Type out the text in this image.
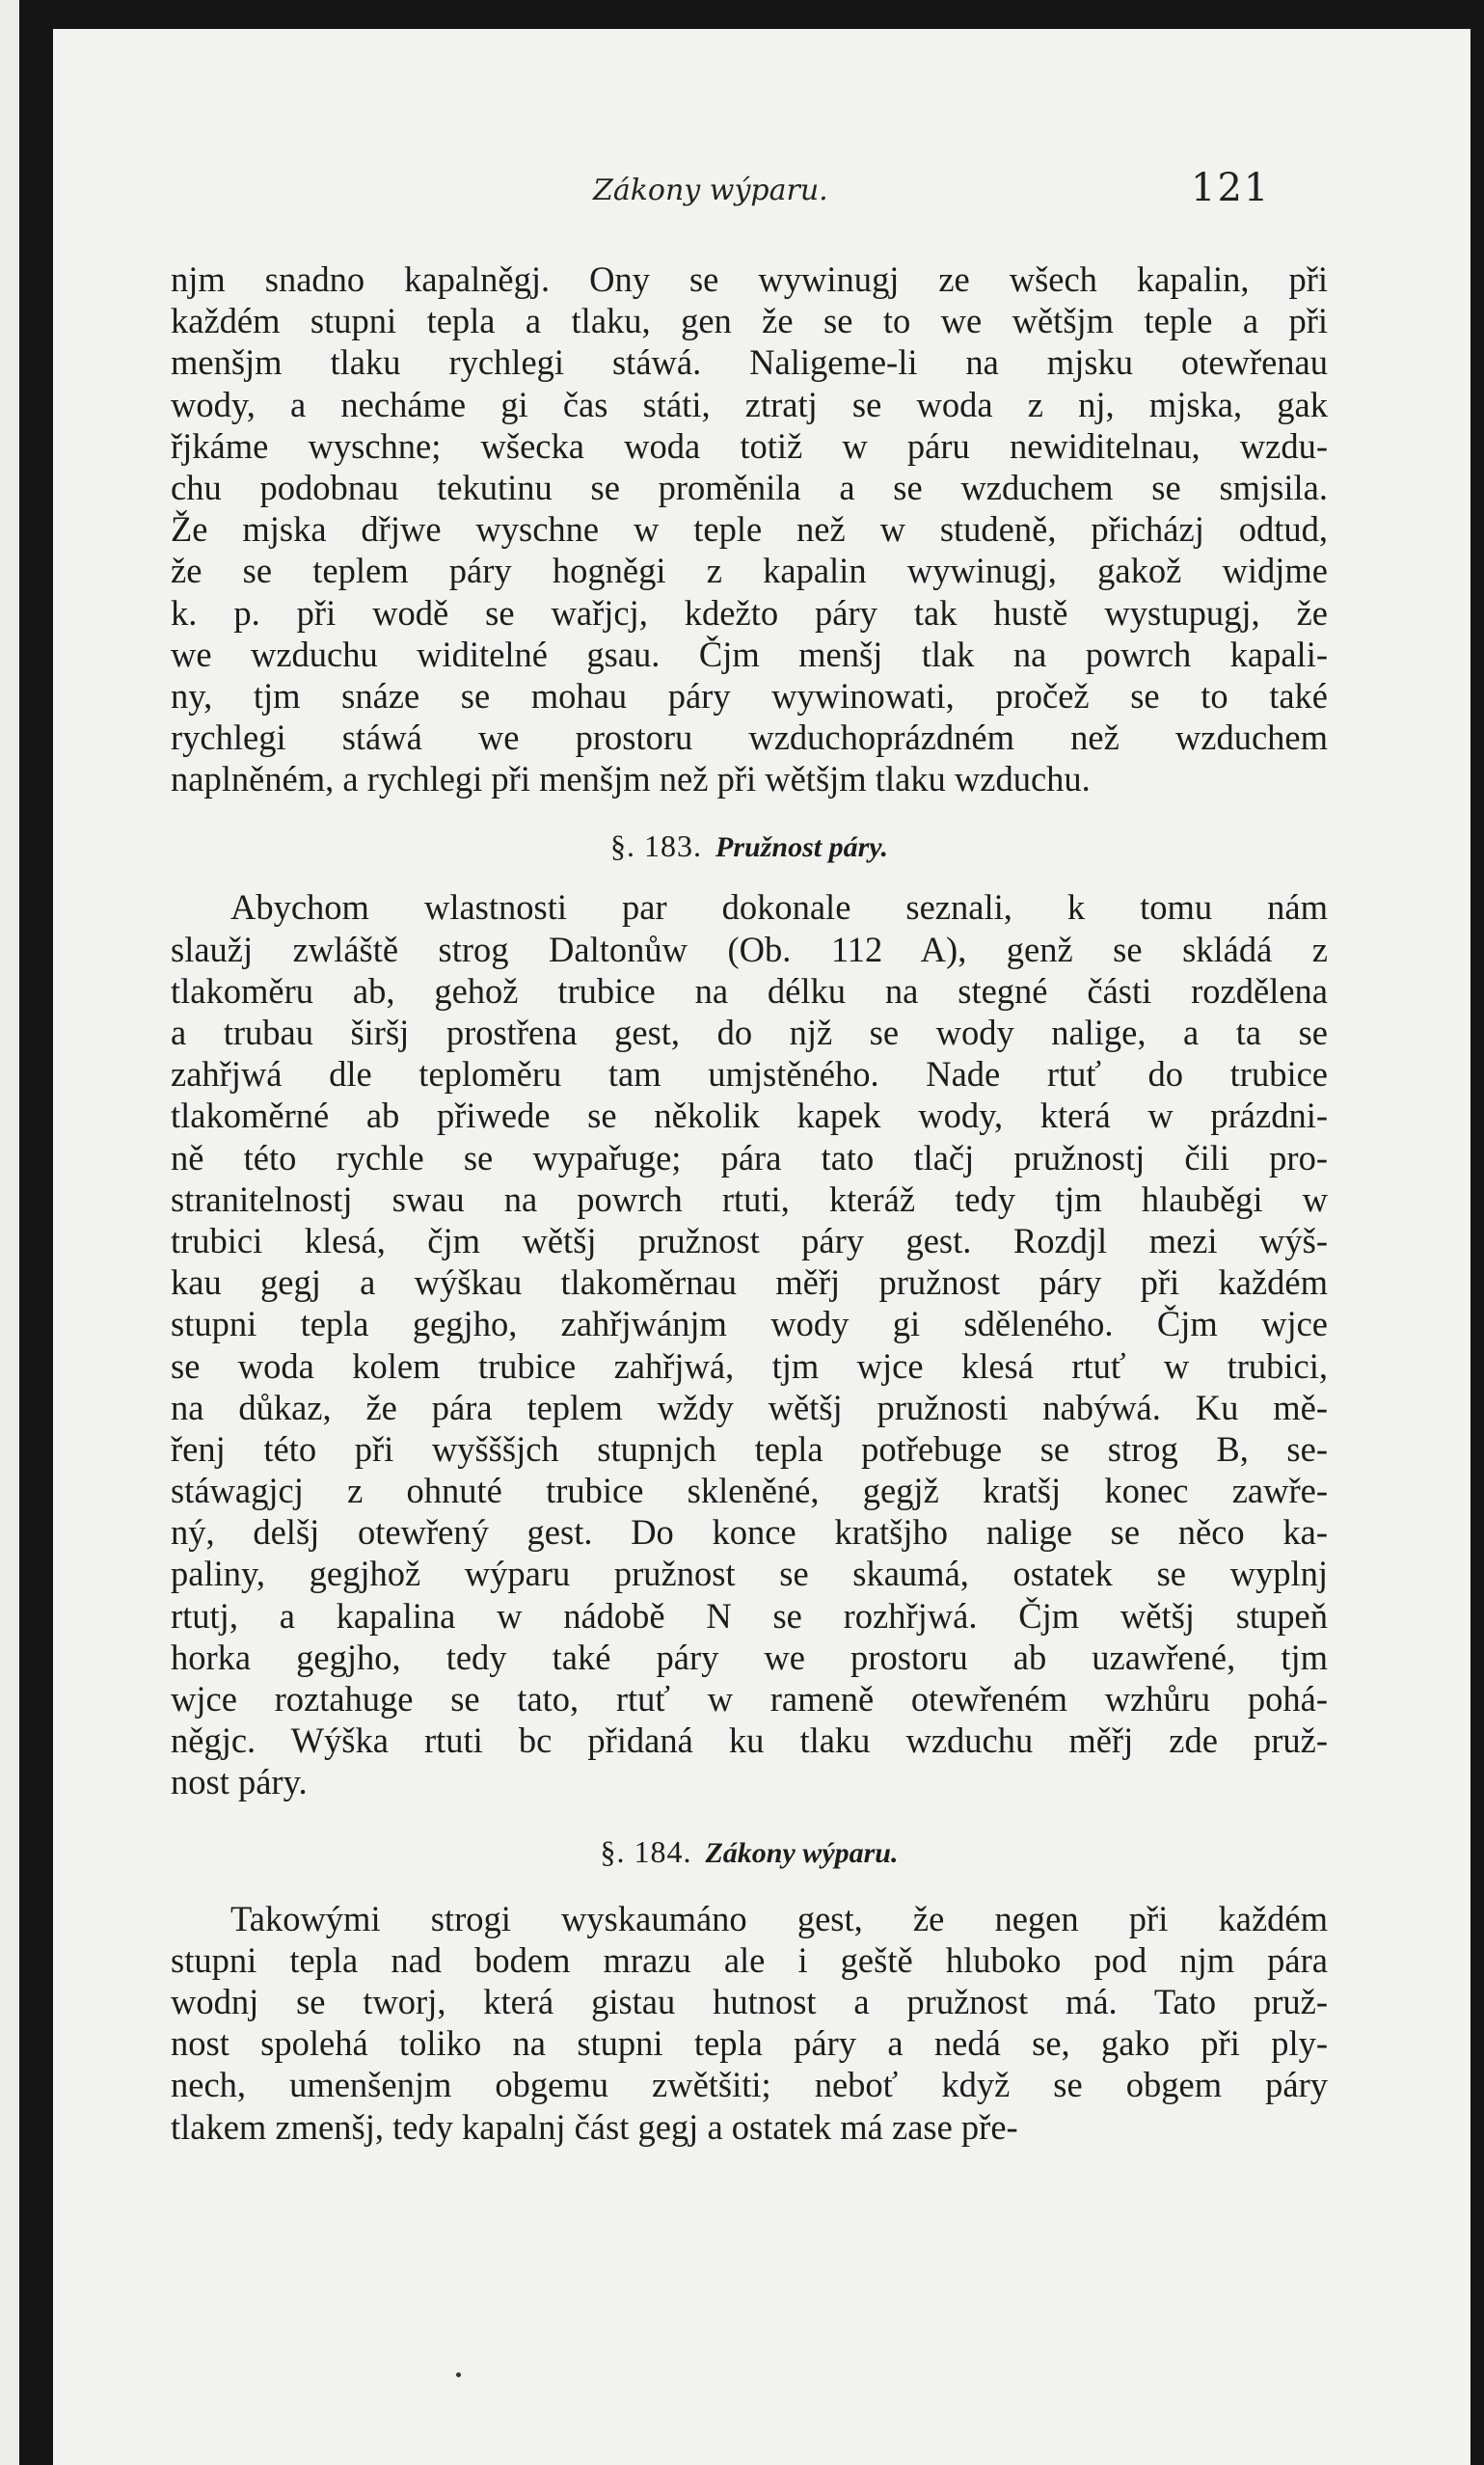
Zákony wýparu.	121
njm snadno kapalněgj. Ony se wywinugj ze wšech kapalin, při
každém stupni tepla a tlaku, gen že se to we wětšjm teple a při
menšjm tlaku rychlegi stáwá. Naligeme-li na mjsku otewřenau
wody, a necháme gi čas státi, ztratj se woda z nj, mjska, gak
řjkáme wyschne; wšecka woda totiž w páru newiditelnau, wzdu-
chu podobnau tekutinu se proměnila a se wzduchem se smjsila.
Že mjska dřjwe wyschne w teple než w studeně, přicházj odtud,
že se teplem páry hogněgi z kapalin wywinugj, gakož widjme
k. p. při wodě se wařjcj, kdežto páry tak hustě wystupugj, že
we wzduchu widitelné gsau. Čjm menšj tlak na powrch kapali-
ny, tjm snáze se mohau páry wywinowati, pročež se to také
rychlegi stáwá we prostoru wzduchoprázdném než wzduchem
naplněném, a rychlegi při menšjm než při wětšjm tlaku wzduchu.
§. 183. Pružnost páry.
Abychom wlastnosti par dokonale seznali, k tomu nám
slaužj zwláště strog Daltonůw (Ob. 112 A), genž se skládá z
tlakoměru ab, gehož trubice na délku na stegné části rozdělena
a trubau širšj prostřena gest, do njž se wody nalige, a ta se
zahřjwá dle teploměru tam umjstěného. Nade rtuť do trubice
tlakoměrné ab přiwede se několik kapek wody, která w prázdni-
ně této rychle se wypařuge; pára tato tlačj pružnostj čili pro-
stranitelnostj swau na powrch rtuti, kteráž tedy tjm hlauběgi w
trubici klesá, čjm wětšj pružnost páry gest. Rozdjl mezi wýš-
kau gegj a wýškau tlakoměrnau měřj pružnost páry při každém
stupni tepla gegjho, zahřjwánjm wody gi sděleného. Čjm wjce
se woda kolem trubice zahřjwá, tjm wjce klesá rtuť w trubici,
na důkaz, že pára teplem wždy wětšj pružnosti nabýwá. Ku mě-
řenj této při wyšššjch stupnjch tepla potřebuge se strog B, se-
stáwagjcj z ohnuté trubice skleněné, gegjž kratšj konec zawře-
ný, delšj otewřený gest. Do konce kratšjho nalige se něco ka-
paliny, gegjhož wýparu pružnost se skaumá, ostatek se wyplnj
rtutj, a kapalina w nádobě N se rozhřjwá. Čjm wětšj stupeň
horka gegjho, tedy také páry we prostoru ab uzawřené, tjm
wjce roztahuge se tato, rtuť w rameně otewřeném wzhůru pohá-
něgjc. Wýška rtuti bc přidaná ku tlaku wzduchu měřj zde pruž-
nost páry.
§. 184. Zákony wýparu.
Takowými strogi wyskaumáno gest, že negen při každém
stupni tepla nad bodem mrazu ale i geště hluboko pod njm pára
wodnj se tworj, která gistau hutnost a pružnost má. Tato pruž-
nost spolehá toliko na stupni tepla páry a nedá se, gako při ply-
nech, umenšenjm obgemu zwětšiti; neboť když se obgem páry
tlakem zmenšj, tedy kapalnj část gegj a ostatek má zase pře-
